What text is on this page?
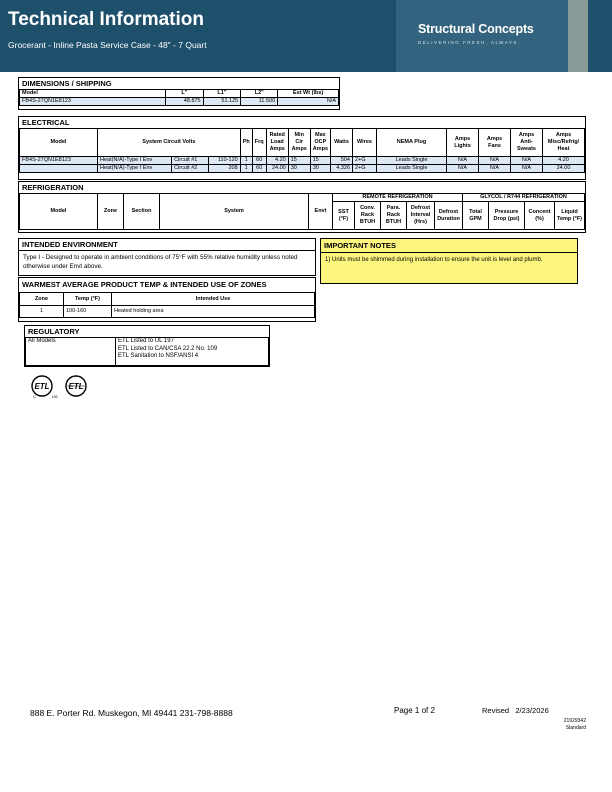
Technical Information
Grocerant - Inline Pasta Service Case - 48" - 7 Quart
Structural Concepts
DELIVERING FRESH, ALWAYS.
DIMENSIONS / SHIPPING
Model	L"	L1"	L2"	Est Wt (lbs)
FB4S-27QN1E8123	48.875	51.125	11.500	N/A
ELECTRICAL
Model	System Circuit Volts			Ph	Frq	Rated Load Amps	Min Cir Amps	Max OCP Amps	Watts	Wires	NEMA Plug	Amps Lights	Amps Fans	Amps Anti-Sweats	Amps Misc/Refrig/ Heat
FB4S-27QN1E8123	Heat(N/A)-Type I Env	Circuit #1	110-120	1	60	4.20	15	15	504	2+G	Leads Single	N/A	N/A	N/A	4.20
	Heat(N/A)-Type I Env	Circuit #2	208	1	60	24.00	30	30	4,326	2+G	Leads Single	N/A	N/A	N/A	24.00
REFRIGERATION
Model	Zone	Section	System	Envt	REMOTE REFRIGERATION					GLYCOL / R744 REFRIGERATION			
					SST (°F)	Conv. Rack BTUH	Para. Rack BTUH	Defrost Interval (Hrs)	Defrost Duration	Total GPM	Pressure Drop (psi)	Concent (%)	Liquid Temp (°F)
INTENDED ENVIRONMENT
Type I - Designed to operate in ambient conditions of 75°F with 55% relative humidity unless noted otherwise under Envt above.
WARMEST AVERAGE PRODUCT TEMP & INTENDED USE OF ZONES
Zone	Temp (°F)	Intended Use
1	100-160	Heated holding area
IMPORTANT NOTES
1) Units must be shimmed during installation to ensure the unit is level and plumb.
REGULATORY
All Models	ETL Listed to UL 197
ETL Listed to CAN/CSA 22.2 No. 109
ETL Sanitation to NSF/ANSI 4
ETL
C	US
ETL
888 E. Porter Rd. Muskegon, MI 49441 231-798-8888	Page 1 of 2	Revised 2/23/2026
21929342
Standard
